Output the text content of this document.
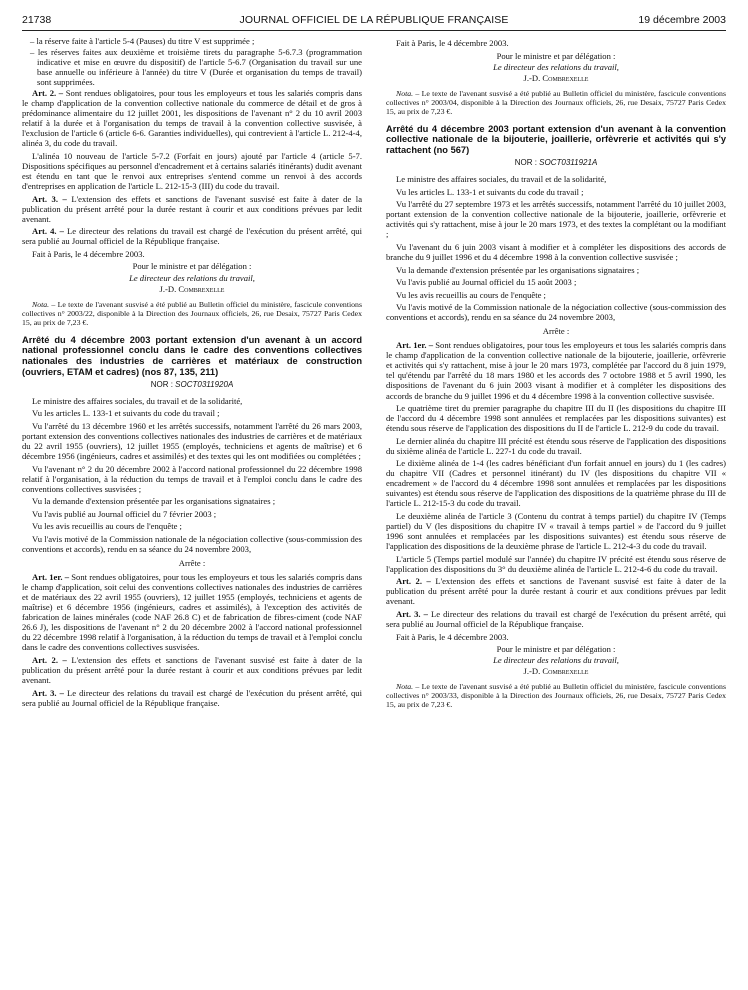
21738	JOURNAL OFFICIEL DE LA RÉPUBLIQUE FRANÇAISE	19 décembre 2003

– la réserve faite à l'article 5-4 (Pauses) du titre V est supprimée ;

– les réserves faites aux deuxième et troisième tirets du paragraphe 5-6.7.3 (programmation indicative et mise en œuvre du dispositif) de l'article 5-6.7 (Organisation du travail sur une base annuelle ou inférieure à l'année) du titre V (Durée et organisation du temps de travail) sont supprimées.

Art. 2. – Sont rendues obligatoires, pour tous les employeurs et tous les salariés compris dans le champ d'application de la convention collective nationale du commerce de détail et de gros à prédominance alimentaire du 12 juillet 2001, les dispositions de l'avenant n° 2 du 10 avril 2003 relatif à la durée et à l'organisation du temps de travail à la convention collective susvisée, à l'exclusion de l'article 6 (article 6-6. Garanties individuelles), qui contrevient à l'article L. 212-4-4, alinéa 3, du code du travail.

L'alinéa 10 nouveau de l'article 5-7.2 (Forfait en jours) ajouté par l'article 4 (article 5-7. Dispositions spécifiques au personnel d'encadrement et à certains salariés itinérants) dudit avenant est étendu en tant que le renvoi aux entreprises s'entend comme un renvoi à des accords d'entreprises en application de l'article L. 212-15-3 (III) du code du travail.

Art. 3. – L'extension des effets et sanctions de l'avenant susvisé est faite à dater de la publication du présent arrêté pour la durée restant à courir et aux conditions prévues par ledit avenant.

Art. 4. – Le directeur des relations du travail est chargé de l'exécution du présent arrêté, qui sera publié au Journal officiel de la République française.

Fait à Paris, le 4 décembre 2003.

Pour le ministre et par délégation :

Le directeur des relations du travail,

J.-D. Combrexelle

Nota. – Le texte de l'avenant susvisé a été publié au Bulletin officiel du ministère, fascicule conventions collectives n° 2003/22, disponible à la Direction des Journaux officiels, 26, rue Desaix, 75727 Paris Cedex 15, au prix de 7,23 €.

Arrêté du 4 décembre 2003 portant extension d'un avenant à un accord national professionnel conclu dans le cadre des conventions collectives nationales des industries de carrières et matériaux de construction (ouvriers, ETAM et cadres) (nos 87, 135, 211)

NOR : SOCT0311920A

Le ministre des affaires sociales, du travail et de la solidarité,

Vu les articles L. 133-1 et suivants du code du travail ;

Vu l'arrêté du 13 décembre 1960 et les arrêtés successifs, notamment l'arrêté du 26 mars 2003, portant extension des conventions collectives nationales des industries de carrières et de matériaux du 22 avril 1955 (ouvriers), 12 juillet 1955 (employés, techniciens et agents de maîtrise) et 6 décembre 1956 (ingénieurs, cadres et assimilés) et des textes qui les ont modifiées ou complétées ;

Vu l'avenant n° 2 du 20 décembre 2002 à l'accord national professionnel du 22 décembre 1998 relatif à l'organisation, à la réduction du temps de travail et à l'emploi conclu dans le cadre des conventions collectives susvisées ;

Vu la demande d'extension présentée par les organisations signataires ;

Vu l'avis publié au Journal officiel du 7 février 2003 ;

Vu les avis recueillis au cours de l'enquête ;

Vu l'avis motivé de la Commission nationale de la négociation collective (sous-commission des conventions et accords), rendu en sa séance du 24 novembre 2003,

Arrête :

Art. 1er. – Sont rendues obligatoires, pour tous les employeurs et tous les salariés compris dans le champ d'application, soit celui des conventions collectives nationales des industries de carrières et de matériaux des 22 avril 1955 (ouvriers), 12 juillet 1955 (employés, techniciens et agents de maîtrise) et 6 décembre 1956 (ingénieurs, cadres et assimilés), à l'exception des activités de fabrication de laines minérales (code NAF 26.8 C) et de fabrication de fibres-ciment (code NAF 26.6 J), les dispositions de l'avenant n° 2 du 20 décembre 2002 à l'accord national professionnel du 22 décembre 1998 relatif à l'organisation, à la réduction du temps de travail et à l'emploi conclu dans le cadre des conventions collectives susvisées.

Art. 2. – L'extension des effets et sanctions de l'avenant susvisé est faite à dater de la publication du présent arrêté pour la durée restant à courir et aux conditions prévues par ledit avenant.

Art. 3. – Le directeur des relations du travail est chargé de l'exécution du présent arrêté, qui sera publié au Journal officiel de la République française.

Fait à Paris, le 4 décembre 2003.

Pour le ministre et par délégation :

Le directeur des relations du travail,

J.-D. Combrexelle

Nota. – Le texte de l'avenant susvisé a été publié au Bulletin officiel du ministère, fascicule conventions collectives n° 2003/04, disponible à la Direction des Journaux officiels, 26, rue Desaix, 75727 Paris Cedex 15, au prix de 7,23 €.

Arrêté du 4 décembre 2003 portant extension d'un avenant à la convention collective nationale de la bijouterie, joaillerie, orfèvrerie et activités qui s'y rattachent (no 567)

NOR : SOCT0311921A

Le ministre des affaires sociales, du travail et de la solidarité,

Vu les articles L. 133-1 et suivants du code du travail ;

Vu l'arrêté du 27 septembre 1973 et les arrêtés successifs, notamment l'arrêté du 10 juillet 2003, portant extension de la convention collective nationale de la bijouterie, joaillerie, orfèvrerie et activités qui s'y rattachent, mise à jour le 20 mars 1973, et des textes la complétant ou la modifiant ;

Vu l'avenant du 6 juin 2003 visant à modifier et à compléter les dispositions des accords de branche du 9 juillet 1996 et du 4 décembre 1998 à la convention collective susvisée ;

Vu la demande d'extension présentée par les organisations signataires ;

Vu l'avis publié au Journal officiel du 15 août 2003 ;

Vu les avis recueillis au cours de l'enquête ;

Vu l'avis motivé de la Commission nationale de la négociation collective (sous-commission des conventions et accords), rendu en sa séance du 24 novembre 2003,

Arrête :

Art. 1er. – Sont rendues obligatoires, pour tous les employeurs et tous les salariés compris dans le champ d'application de la convention collective nationale de la bijouterie, joaillerie, orfèvrerie et activités qui s'y rattachent, mise à jour le 20 mars 1973, complétée par l'accord du 8 juin 1979, tel qu'étendu par l'arrêté du 18 mars 1980 et les accords des 7 octobre 1988 et 5 avril 1990, les dispositions de l'avenant du 6 juin 2003 visant à modifier et à compléter les dispositions des accords de branche du 9 juillet 1996 et du 4 décembre 1998 à la convention collective susvisée.

Le quatrième tiret du premier paragraphe du chapitre III du II (les dispositions du chapitre III de l'accord du 4 décembre 1998 sont annulées et remplacées par les dispositions suivantes) est étendu sous réserve de l'application des dispositions du II de l'article L. 212-9 du code du travail.

Le dernier alinéa du chapitre III précité est étendu sous réserve de l'application des dispositions du sixième alinéa de l'article L. 227-1 du code du travail.

Le dixième alinéa de 1-4 (les cadres bénéficiant d'un forfait annuel en jours) du 1 (les cadres) du chapitre VII (Cadres et personnel itinérant) du IV (les dispositions du chapitre VII « encadrement » de l'accord du 4 décembre 1998 sont annulées et remplacées par les dispositions suivantes) est étendu sous réserve de l'application des dispositions de la quatrième phrase du III de l'article L. 212-15-3 du code du travail.

Le deuxième alinéa de l'article 3 (Contenu du contrat à temps partiel) du chapitre IV (Temps partiel) du V (les dispositions du chapitre IV « travail à temps partiel » de l'accord du 9 juillet 1996 sont annulées et remplacées par les dispositions suivantes) est étendu sous réserve de l'application des dispositions de la deuxième phrase de l'article L. 212-4-3 du code du travail.

L'article 5 (Temps partiel modulé sur l'année) du chapitre IV précité est étendu sous réserve de l'application des dispositions du 3° du deuxième alinéa de l'article L. 212-4-6 du code du travail.

Art. 2. – L'extension des effets et sanctions de l'avenant susvisé est faite à dater de la publication du présent arrêté pour la durée restant à courir et aux conditions prévues par ledit avenant.

Art. 3. – Le directeur des relations du travail est chargé de l'exécution du présent arrêté, qui sera publié au Journal officiel de la République française.

Fait à Paris, le 4 décembre 2003.

Pour le ministre et par délégation :

Le directeur des relations du travail,

J.-D. Combrexelle

Nota. – Le texte de l'avenant susvisé a été publié au Bulletin officiel du ministère, fascicule conventions collectives n° 2003/33, disponible à la Direction des Journaux officiels, 26, rue Desaix, 75727 Paris Cedex 15, au prix de 7,23 €.
